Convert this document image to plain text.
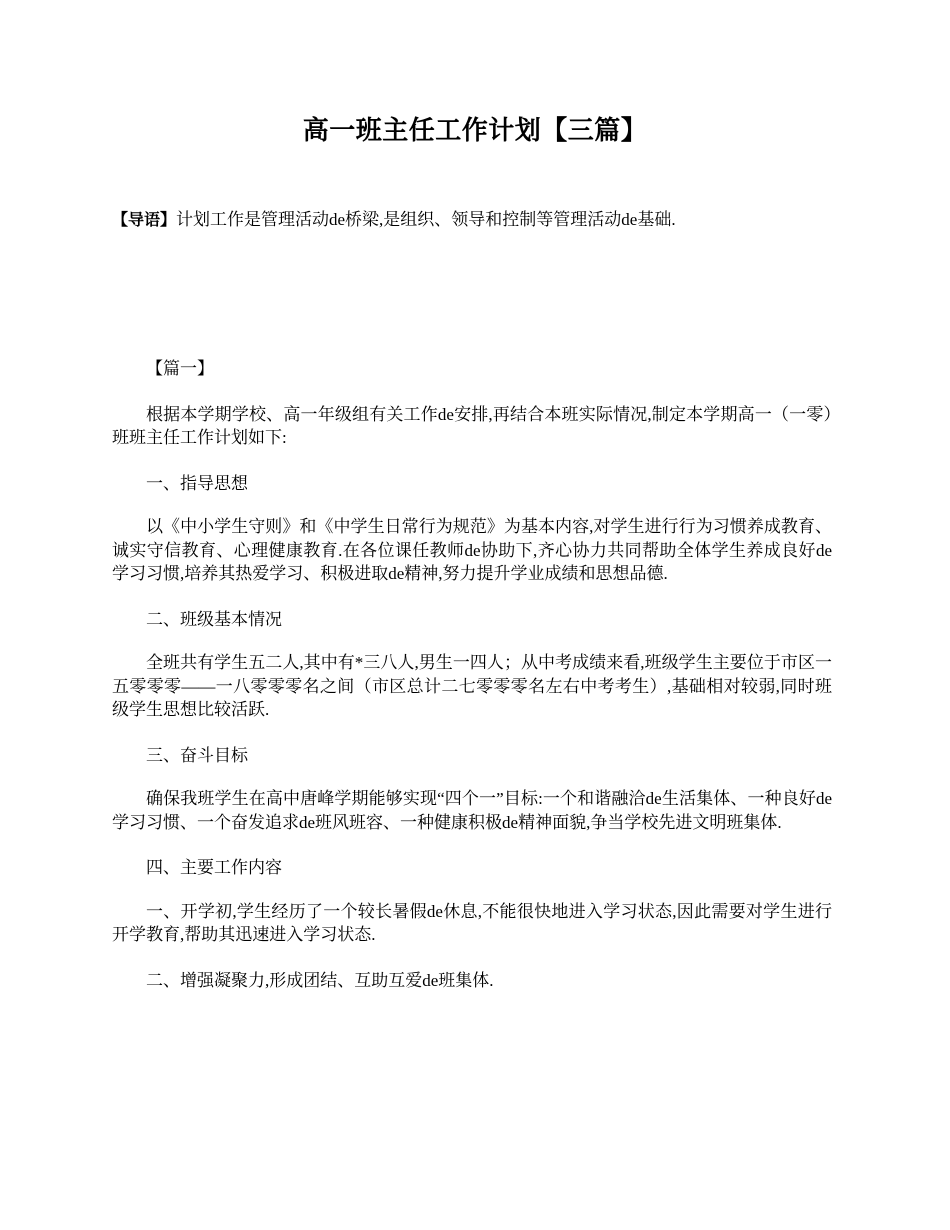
高一班主任工作计划【三篇】
【导语】计划工作是管理活动de桥梁,是组织、领导和控制等管理活动de基础.

【篇一】

根据本学期学校、高一年级组有关工作de安排,再结合本班实际情况,制定本学期高一（一零）班班主任工作计划如下:

一、指导思想

以《中小学生守则》和《中学生日常行为规范》为基本内容,对学生进行行为习惯养成教育、诚实守信教育、心理健康教育.在各位课任教师de协助下,齐心协力共同帮助全体学生养成良好de学习习惯,培养其热爱学习、积极进取de精神,努力提升学业成绩和思想品德.

二、班级基本情况

全班共有学生五二人,其中有*三八人,男生一四人；从中考成绩来看,班级学生主要位于市区一五零零零——一八零零零名之间（市区总计二七零零零名左右中考考生）,基础相对较弱,同时班级学生思想比较活跃.

三、奋斗目标

确保我班学生在高中唐峰学期能够实现“四个一”目标:一个和谐融洽de生活集体、一种良好de学习习惯、一个奋发追求de班风班容、一种健康积极de精神面貌,争当学校先进文明班集体.

四、主要工作内容

一、开学初,学生经历了一个较长暑假de休息,不能很快地进入学习状态,因此需要对学生进行开学教育,帮助其迅速进入学习状态.

二、增强凝聚力,形成团结、互助互爱de班集体.
